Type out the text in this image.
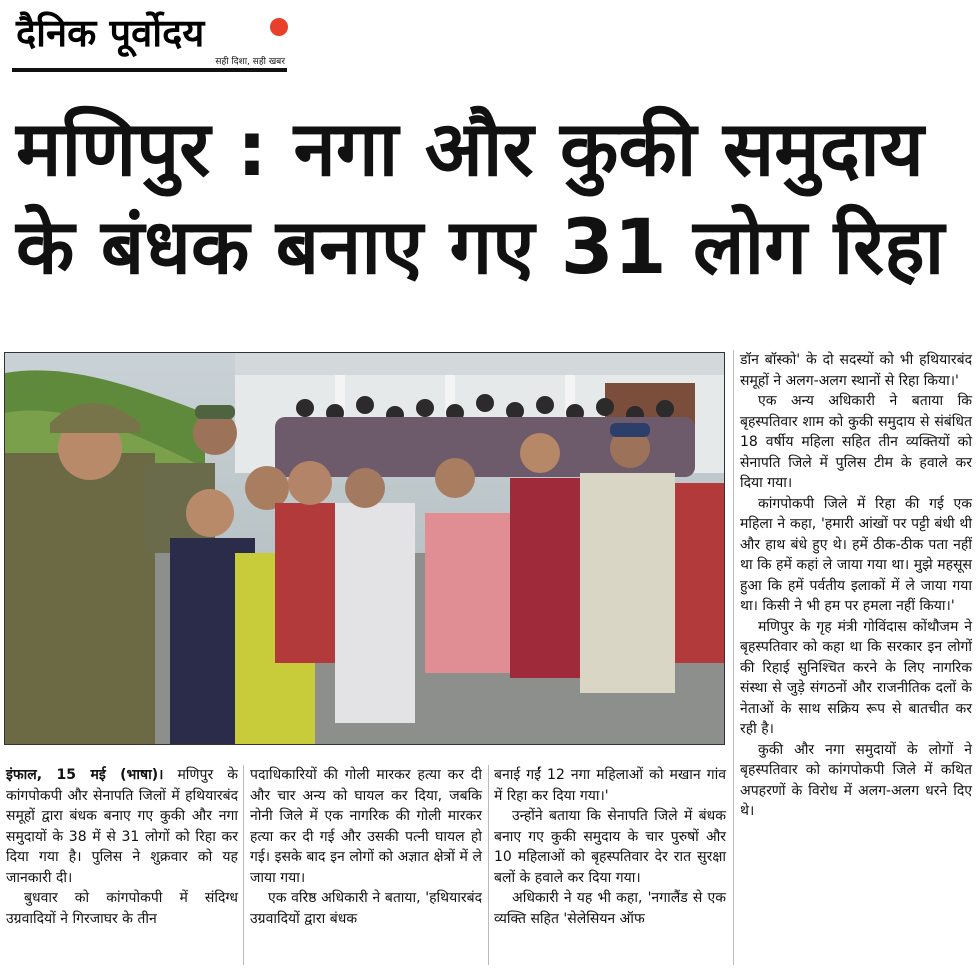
दैनिक पूर्वोदय
सही दिशा, सही खबर
मणिपुर : नगा और कुकी समुदाय
के बंधक बनाए गए 31 लोग रिहा

इंफाल, 15 मई (भाषा)। मणिपुर के कांगपोकपी और सेनापति जिलों में हथियारबंद समूहों द्वारा बंधक बनाए गए कुकी और नगा समुदायों के 38 में से 31 लोगों को रिहा कर दिया गया है। पुलिस ने शुक्रवार को यह जानकारी दी।

बुधवार को कांगपोकपी में संदिग्ध उग्रवादियों ने गिरजाघर के तीन

पदाधिकारियों की गोली मारकर हत्या कर दी और चार अन्य को घायल कर दिया, जबकि नोनी जिले में एक नागरिक की गोली मारकर हत्या कर दी गई और उसकी पत्नी घायल हो गई। इसके बाद इन लोगों को अज्ञात क्षेत्रों में ले जाया गया।

एक वरिष्ठ अधिकारी ने बताया, 'हथियारबंद उग्रवादियों द्वारा बंधक

बनाई गईं 12 नगा महिलाओं को मखान गांव में रिहा कर दिया गया।'

उन्होंने बताया कि सेनापति जिले में बंधक बनाए गए कुकी समुदाय के चार पुरुषों और 10 महिलाओं को बृहस्पतिवार देर रात सुरक्षा बलों के हवाले कर दिया गया।

अधिकारी ने यह भी कहा, 'नगालैंड से एक व्यक्ति सहित 'सेलेसियन ऑफ

डॉन बॉस्को' के दो सदस्यों को भी हथियारबंद समूहों ने अलग-अलग स्थानों से रिहा किया।'

एक अन्य अधिकारी ने बताया कि बृहस्पतिवार शाम को कुकी समुदाय से संबंधित 18 वर्षीय महिला सहित तीन व्यक्तियों को सेनापति जिले में पुलिस टीम के हवाले कर दिया गया।

कांगपोकपी जिले में रिहा की गई एक महिला ने कहा, 'हमारी आंखों पर पट्टी बंधी थी और हाथ बंधे हुए थे। हमें ठीक-ठीक पता नहीं था कि हमें कहां ले जाया गया था। मुझे महसूस हुआ कि हमें पर्वतीय इलाकों में ले जाया गया था। किसी ने भी हम पर हमला नहीं किया।'

मणिपुर के गृह मंत्री गोविंदास कोंथौजम ने बृहस्पतिवार को कहा था कि सरकार इन लोगों की रिहाई सुनिश्चित करने के लिए नागरिक संस्था से जुड़े संगठनों और राजनीतिक दलों के नेताओं के साथ सक्रिय रूप से बातचीत कर रही है।

कुकी और नगा समुदायों के लोगों ने बृहस्पतिवार को कांगपोकपी जिले में कथित अपहरणों के विरोध में अलग-अलग धरने दिए थे।
